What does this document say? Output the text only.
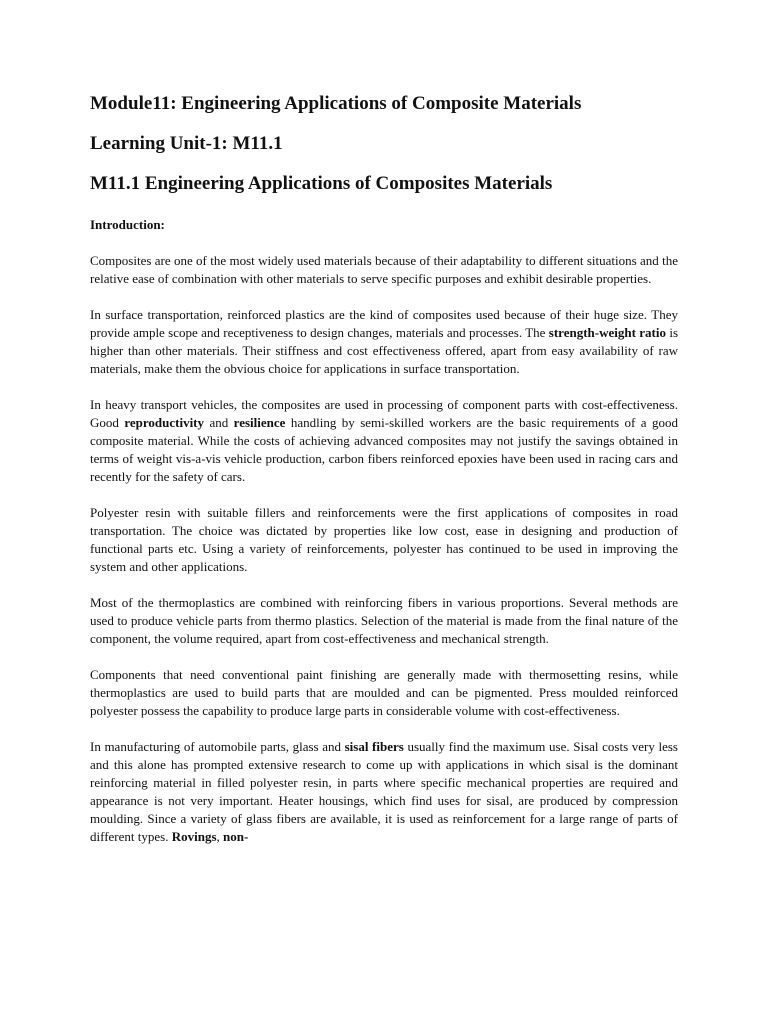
Module11: Engineering Applications of Composite Materials
Learning Unit-1: M11.1
M11.1 Engineering Applications of Composites Materials
Introduction:

Composites are one of the most widely used materials because of their adaptability to different situations and the relative ease of combination with other materials to serve specific purposes and exhibit desirable properties.

In surface transportation, reinforced plastics are the kind of composites used because of their huge size. They provide ample scope and receptiveness to design changes, materials and processes. The strength-weight ratio is higher than other materials. Their stiffness and cost effectiveness offered, apart from easy availability of raw materials, make them the obvious choice for applications in surface transportation.

In heavy transport vehicles, the composites are used in processing of component parts with cost-effectiveness. Good reproductivity and resilience handling by semi-skilled workers are the basic requirements of a good composite material. While the costs of achieving advanced composites may not justify the savings obtained in terms of weight vis-a-vis vehicle production, carbon fibers reinforced epoxies have been used in racing cars and recently for the safety of cars.

Polyester resin with suitable fillers and reinforcements were the first applications of composites in road transportation. The choice was dictated by properties like low cost, ease in designing and production of functional parts etc. Using a variety of reinforcements, polyester has continued to be used in improving the system and other applications.

Most of the thermoplastics are combined with reinforcing fibers in various proportions. Several methods are used to produce vehicle parts from thermo plastics. Selection of the material is made from the final nature of the component, the volume required, apart from cost-effectiveness and mechanical strength.

Components that need conventional paint finishing are generally made with thermosetting resins, while thermoplastics are used to build parts that are moulded and can be pigmented. Press moulded reinforced polyester possess the capability to produce large parts in considerable volume with cost-effectiveness.

In manufacturing of automobile parts, glass and sisal fibers usually find the maximum use. Sisal costs very less and this alone has prompted extensive research to come up with applications in which sisal is the dominant reinforcing material in filled polyester resin, in parts where specific mechanical properties are required and appearance is not very important. Heater housings, which find uses for sisal, are produced by compression moulding. Since a variety of glass fibers are available, it is used as reinforcement for a large range of parts of different types. Rovings, non-
